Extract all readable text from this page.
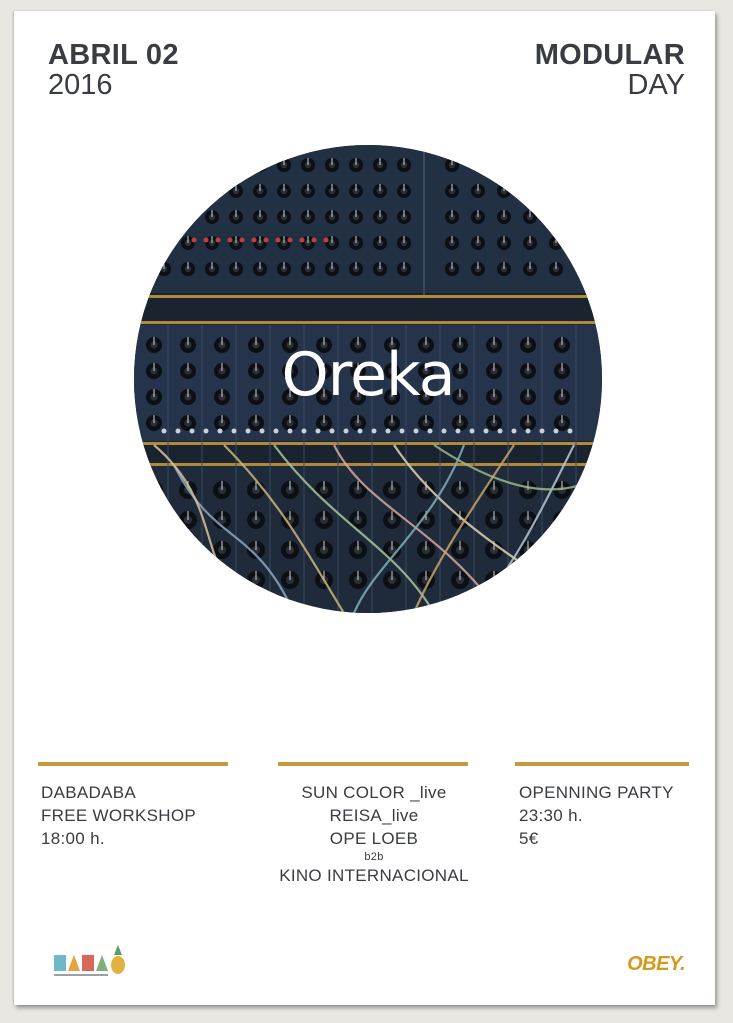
ABRIL 02
2016
MODULAR
DAY
Oreka
DABADABA
FREE WORKSHOP
18:00 h.
SUN COLOR _live
REISA_live
OPE LOEB
b2b
KINO INTERNACIONAL
OPENNING PARTY
23:30 h.
5€
OBEY.
